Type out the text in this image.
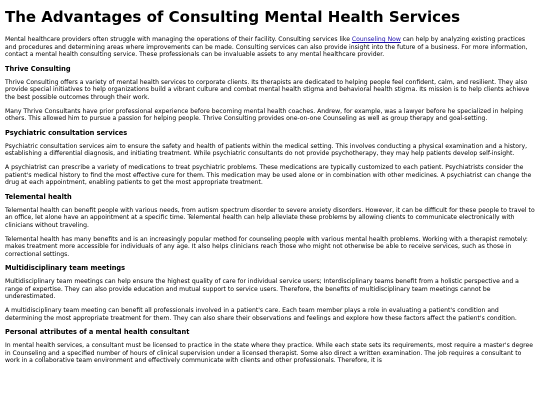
The Advantages of Consulting Mental Health Services

Mental healthcare providers often struggle with managing the operations of their facility. Consulting services like Counseling Now can help by analyzing existing practices and procedures and determining areas where improvements can be made. Consulting services can also provide insight into the future of a business. For more information, contact a mental health consulting service. These professionals can be invaluable assets to any mental healthcare provider.

Thrive Consulting

Thrive Consulting offers a variety of mental health services to corporate clients. Its therapists are dedicated to helping people feel confident, calm, and resilient. They also provide special initiatives to help organizations build a vibrant culture and combat mental health stigma and behavioral health stigma. Its mission is to help clients achieve the best possible outcomes through their work.

Many Thrive Consultants have prior professional experience before becoming mental health coaches. Andrew, for example, was a lawyer before he specialized in helping others. This allowed him to pursue a passion for helping people. Thrive Consulting provides one-on-one Counseling as well as group therapy and goal-setting.

Psychiatric consultation services

Psychiatric consultation services aim to ensure the safety and health of patients within the medical setting. This involves conducting a physical examination and a history, establishing a differential diagnosis, and initiating treatment. While psychiatric consultants do not provide psychotherapy, they may help patients develop self-insight.

A psychiatrist can prescribe a variety of medications to treat psychiatric problems. These medications are typically customized to each patient. Psychiatrists consider the patient's medical history to find the most effective cure for them. This medication may be used alone or in combination with other medicines. A psychiatrist can change the drug at each appointment, enabling patients to get the most appropriate treatment.

Telemental health

Telemental health can benefit people with various needs, from autism spectrum disorder to severe anxiety disorders. However, it can be difficult for these people to travel to an office, let alone have an appointment at a specific time. Telemental health can help alleviate these problems by allowing clients to communicate electronically with clinicians without traveling.

Telemental health has many benefits and is an increasingly popular method for counseling people with various mental health problems. Working with a therapist remotely: makes treatment more accessible for individuals of any age. It also helps clinicians reach those who might not otherwise be able to receive services, such as those in correctional settings.

Multidisciplinary team meetings

Multidisciplinary team meetings can help ensure the highest quality of care for individual service users; Interdisciplinary teams benefit from a holistic perspective and a range of expertise. They can also provide education and mutual support to service users. Therefore, the benefits of multidisciplinary team meetings cannot be underestimated.

A multidisciplinary team meeting can benefit all professionals involved in a patient's care. Each team member plays a role in evaluating a patient's condition and determining the most appropriate treatment for them. They can also share their observations and feelings and explore how these factors affect the patient's condition.

Personal attributes of a mental health consultant

In mental health services, a consultant must be licensed to practice in the state where they practice. While each state sets its requirements, most require a master's degree in Counseling and a specified number of hours of clinical supervision under a licensed therapist. Some also direct a written examination. The job requires a consultant to work in a collaborative team environment and effectively communicate with clients and other professionals. Therefore, it is
